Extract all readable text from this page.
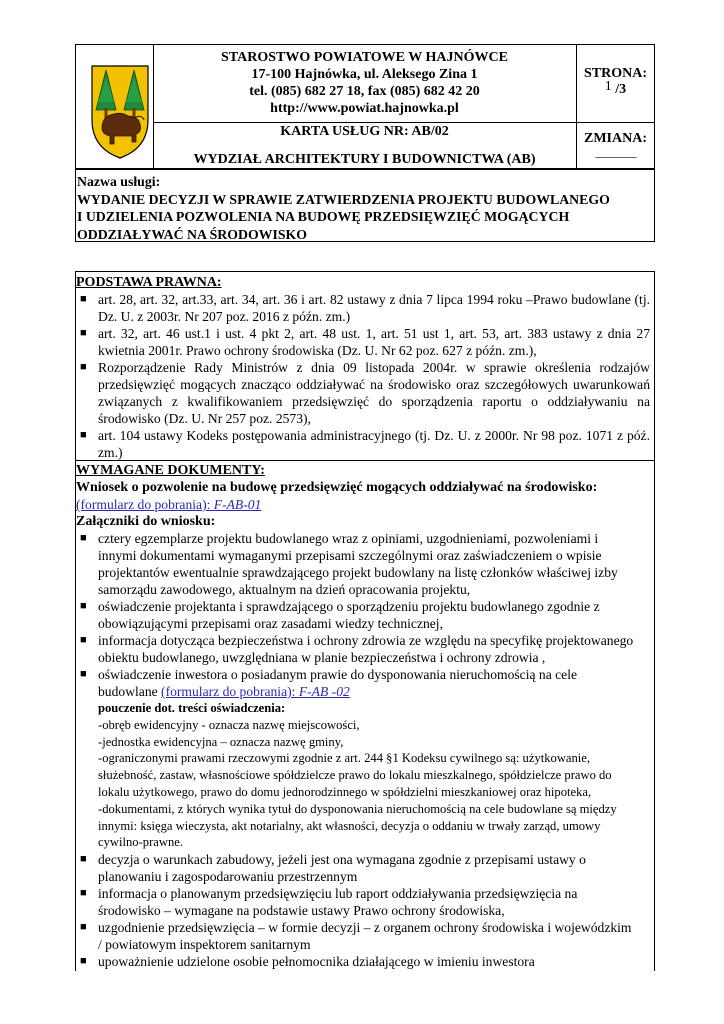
STAROSTWO POWIATOWE W HAJNÓWCE
17-100 Hajnówka, ul. Aleksego Zina 1
tel. (085) 682 27 18, fax (085) 682 42 20
http://www.powiat.hajnowka.pl
KARTA USŁUG NR: AB/02
WYDZIAŁ ARCHITEKTURY I BUDOWNICTWA (AB)
STRONA:
1 /3
ZMIANA:
________
Nazwa usługi:
WYDANIE DECYZJI W SPRAWIE ZATWIERDZENIA PROJEKTU BUDOWLANEGO
I UDZIELENIA POZWOLENIA NA BUDOWĘ PRZEDSIĘWZIĘĆ MOGĄCYCH
ODDZIAŁYWAĆ NA ŚRODOWISKO
PODSTAWA PRAWNA:
■ art. 28, art. 32, art.33, art. 34, art. 36 i art. 82 ustawy z dnia 7 lipca 1994 roku –Prawo budowlane (tj. Dz. U. z 2003r. Nr 207 poz. 2016 z późn. zm.)
■ art. 32, art. 46 ust.1 i ust. 4 pkt 2, art. 48 ust. 1, art. 51 ust 1, art. 53, art. 383 ustawy z dnia 27 kwietnia 2001r. Prawo ochrony środowiska (Dz. U. Nr 62 poz. 627 z późn. zm.),
■ Rozporządzenie Rady Ministrów z dnia 09 listopada 2004r. w sprawie określenia rodzajów przedsięwzięć mogących znacząco oddziaływać na środowisko oraz szczegółowych uwarunkowań związanych z kwalifikowaniem przedsięwzięć do sporządzenia raportu o oddziaływaniu na środowisko (Dz. U. Nr 257 poz. 2573),
■ art. 104 ustawy Kodeks postępowania administracyjnego (tj. Dz. U. z 2000r. Nr 98 poz. 1071 z póź. zm.)
WYMAGANE DOKUMENTY:
Wniosek o pozwolenie na budowę przedsięwzięć mogących oddziaływać na środowisko:
(formularz do pobrania): F-AB-01
Załączniki do wniosku:
■ cztery egzemplarze projektu budowlanego wraz z opiniami, uzgodnieniami, pozwoleniami i innymi dokumentami wymaganymi przepisami szczególnymi oraz zaświadczeniem o wpisie projektantów ewentualnie sprawdzającego projekt budowlany na listę członków właściwej izby samorządu zawodowego, aktualnym na dzień opracowania projektu,
■ oświadczenie projektanta i sprawdzającego o sporządzeniu projektu budowlanego zgodnie z obowiązującymi przepisami oraz zasadami wiedzy technicznej,
■ informacja dotycząca bezpieczeństwa i ochrony zdrowia ze względu na specyfikę projektowanego obiektu budowlanego, uwzględniana w planie bezpieczeństwa i ochrony zdrowia ,
■ oświadczenie inwestora o posiadanym prawie do dysponowania nieruchomością na cele budowlane (formularz do pobrania): F-AB -02
pouczenie dot. treści oświadczenia:
-obręb ewidencyjny - oznacza nazwę miejscowości,
-jednostka ewidencyjna – oznacza nazwę gminy,
-ograniczonymi prawami rzeczowymi zgodnie z art. 244 §1 Kodeksu cywilnego są: użytkowanie, służebność, zastaw, własnościowe spółdzielcze prawo do lokalu mieszkalnego, spółdzielcze prawo do lokalu użytkowego, prawo do domu jednorodzinnego w spółdzielni mieszkaniowej oraz hipoteka,
-dokumentami, z których wynika tytuł do dysponowania nieruchomością na cele budowlane są między innymi: księga wieczysta, akt notarialny, akt własności, decyzja o oddaniu w trwały zarząd, umowy cywilno-prawne.
■ decyzja o warunkach zabudowy, jeżeli jest ona wymagana zgodnie z przepisami ustawy o planowaniu i zagospodarowaniu przestrzennym
■ informacja o planowanym przedsięwzięciu lub raport oddziaływania przedsięwzięcia na środowisko – wymagane na podstawie ustawy Prawo ochrony środowiska,
■ uzgodnienie przedsięwzięcia – w formie decyzji – z organem ochrony środowiska i wojewódzkim / powiatowym inspektorem sanitarnym
■ upoważnienie udzielone osobie pełnomocnika działającego w imieniu inwestora
